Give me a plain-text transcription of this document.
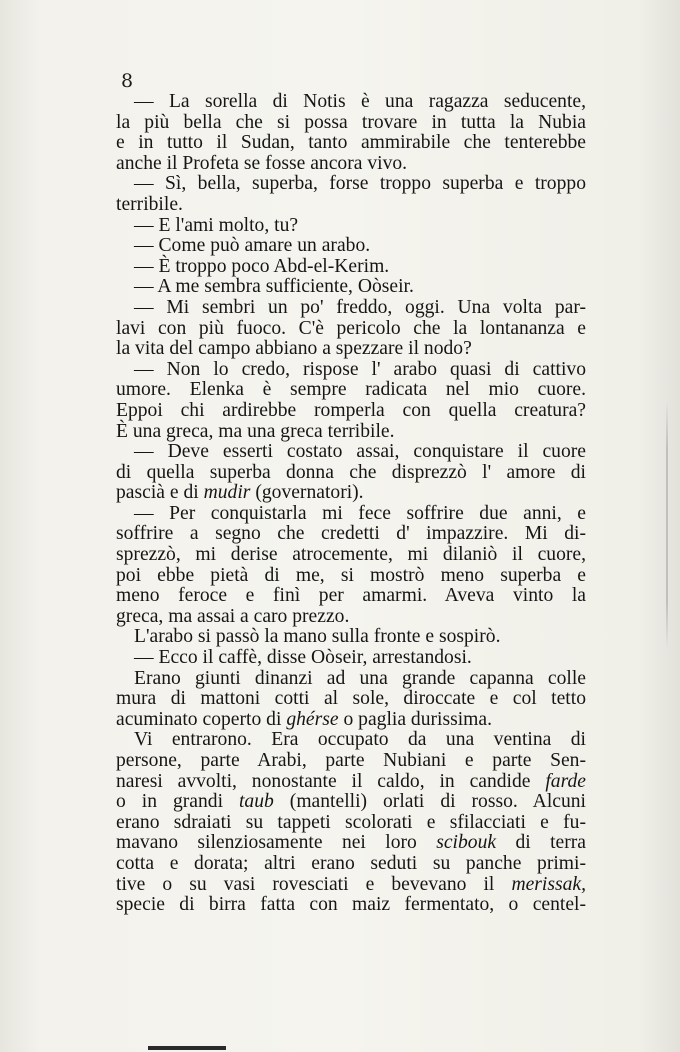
8
— La sorella di Notis è una ragazza seducente,
la più bella che si possa trovare in tutta la Nubia
e in tutto il Sudan, tanto ammirabile che tenterebbe
anche il Profeta se fosse ancora vivo.
— Sì, bella, superba, forse troppo superba e troppo
terribile.
— E l'ami molto, tu?
— Come può amare un arabo.
— È troppo poco Abd-el-Kerim.
— A me sembra sufficiente, Oòseir.
— Mi sembri un po' freddo, oggi. Una volta par-
lavi con più fuoco. C'è pericolo che la lontananza e
la vita del campo abbiano a spezzare il nodo?
— Non lo credo, rispose l' arabo quasi di cattivo
umore. Elenka è sempre radicata nel mio cuore.
Eppoi chi ardirebbe romperla con quella creatura?
È una greca, ma una greca terribile.
— Deve esserti costato assai, conquistare il cuore
di quella superba donna che disprezzò l' amore di
pascià e di mudir (governatori).
— Per conquistarla mi fece soffrire due anni, e
soffrire a segno che credetti d' impazzire. Mi di-
sprezzò, mi derise atrocemente, mi dilaniò il cuore,
poi ebbe pietà di me, si mostrò meno superba e
meno feroce e finì per amarmi. Aveva vinto la
greca, ma assai a caro prezzo.
L'arabo si passò la mano sulla fronte e sospirò.
— Ecco il caffè, disse Oòseir, arrestandosi.
Erano giunti dinanzi ad una grande capanna colle
mura di mattoni cotti al sole, diroccate e col tetto
acuminato coperto di ghérse o paglia durissima.
Vi entrarono. Era occupato da una ventina di
persone, parte Arabi, parte Nubiani e parte Sen-
naresi avvolti, nonostante il caldo, in candide farde
o in grandi taub (mantelli) orlati di rosso. Alcuni
erano sdraiati su tappeti scolorati e sfilacciati e fu-
mavano silenziosamente nei loro scibouk di terra
cotta e dorata; altri erano seduti su panche primi-
tive o su vasi rovesciati e bevevano il merissak,
specie di birra fatta con maiz fermentato, o centel-
